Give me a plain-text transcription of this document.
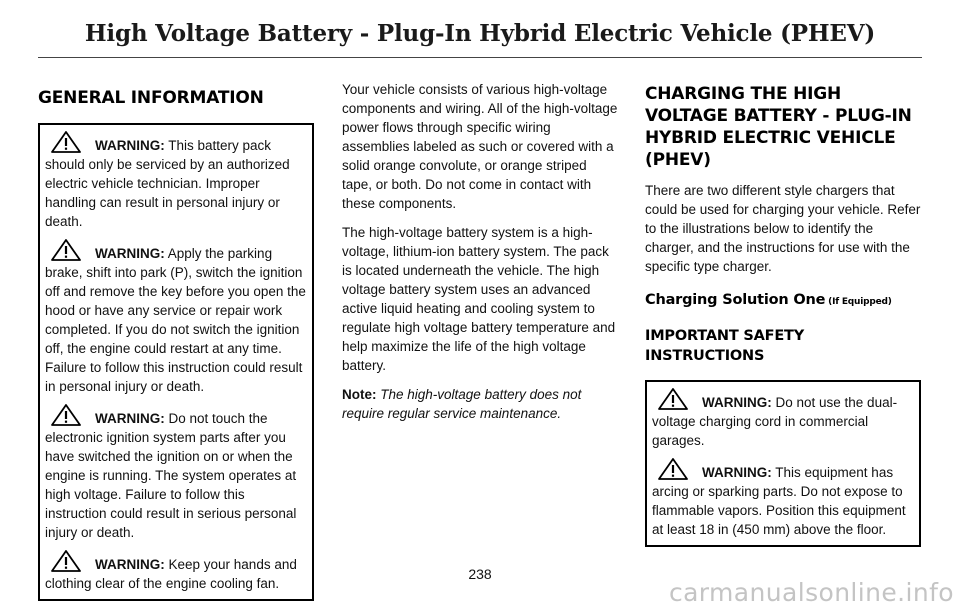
High Voltage Battery - Plug-In Hybrid Electric Vehicle (PHEV)
GENERAL INFORMATION

WARNING: This battery pack should only be serviced by an authorized electric vehicle technician. Improper handling can result in personal injury or death.

WARNING: Apply the parking brake, shift into park (P), switch the ignition off and remove the key before you open the hood or have any service or repair work completed. If you do not switch the ignition off, the engine could restart at any time. Failure to follow this instruction could result in personal injury or death.

WARNING: Do not touch the electronic ignition system parts after you have switched the ignition on or when the engine is running. The system operates at high voltage. Failure to follow this instruction could result in serious personal injury or death.

WARNING: Keep your hands and clothing clear of the engine cooling fan.

Your vehicle consists of various high-voltage components and wiring. All of the high-voltage power flows through specific wiring assemblies labeled as such or covered with a solid orange convolute, or orange striped tape, or both. Do not come in contact with these components.

The high-voltage battery system is a high-voltage, lithium-ion battery system. The pack is located underneath the vehicle. The high voltage battery system uses an advanced active liquid heating and cooling system to regulate high voltage battery temperature and help maximize the life of the high voltage battery.

Note: The high-voltage battery does not require regular service maintenance.

CHARGING THE HIGH VOLTAGE BATTERY - PLUG-IN HYBRID ELECTRIC VEHICLE (PHEV)

There are two different style chargers that could be used for charging your vehicle. Refer to the illustrations below to identify the charger, and the instructions for use with the specific type charger.

Charging Solution One (If Equipped)
IMPORTANT SAFETY INSTRUCTIONS

WARNING: Do not use the dual-voltage charging cord in commercial garages.

WARNING: This equipment has arcing or sparking parts. Do not expose to flammable vapors. Position this equipment at least 18 in (450 mm) above the floor.

238
carmanualsonline.info
